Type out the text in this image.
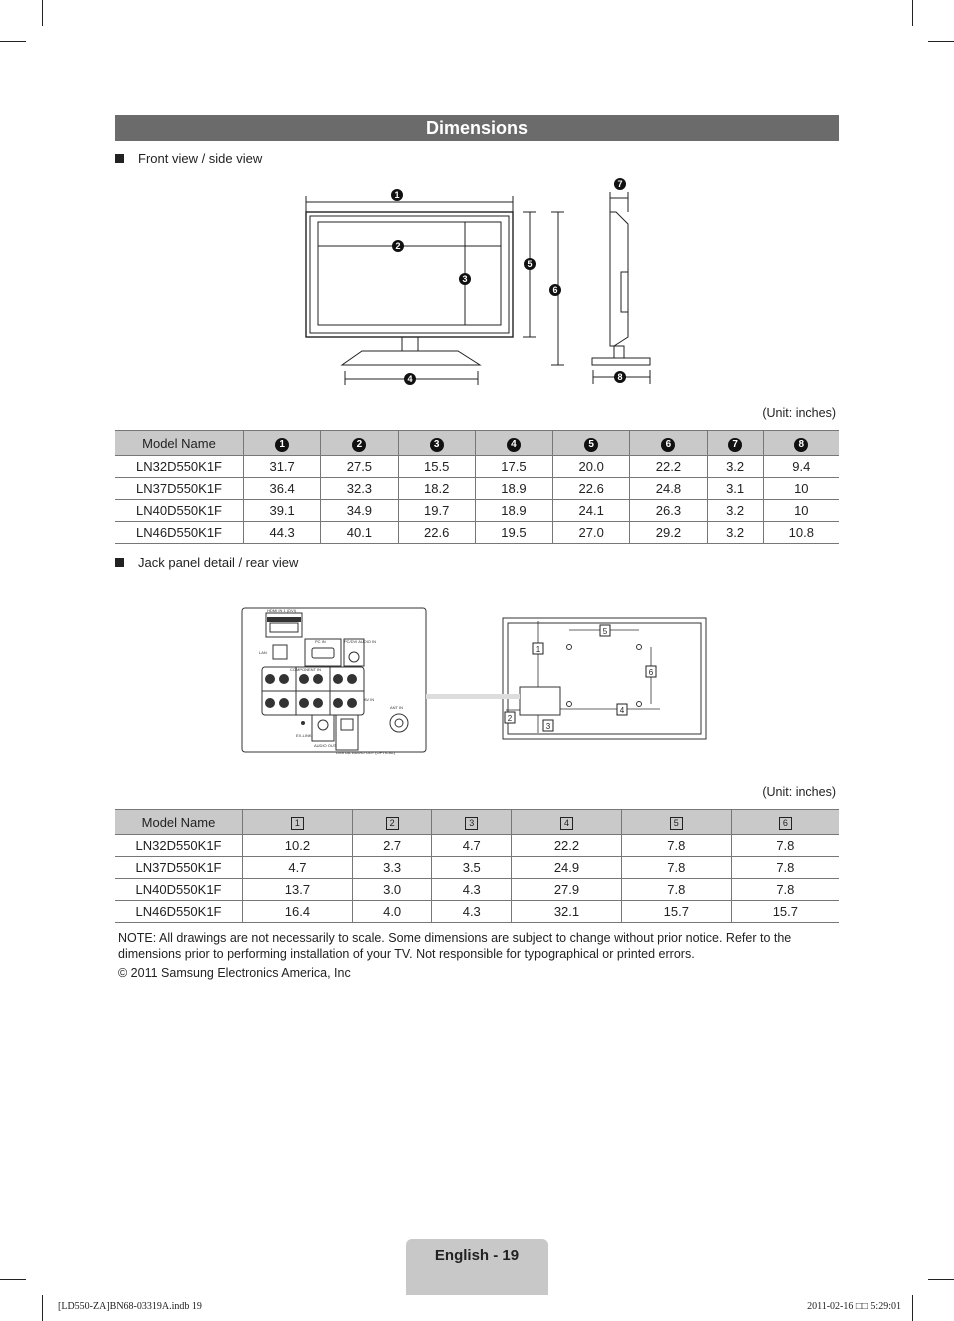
Dimensions
Front view / side view
1
2
3
4
5
6
7
8
(Unit: inches)
Model Name	1	2	3	4	5	6	7	8
LN32D550K1F	31.7	27.5	15.5	17.5	20.0	22.2	3.2	9.4
LN37D550K1F	36.4	32.3	18.2	18.9	22.6	24.8	3.1	10
LN40D550K1F	39.1	34.9	19.7	18.9	24.1	26.3	3.2	10
LN46D550K1F	44.3	40.1	22.6	19.5	27.0	29.2	3.2	10.8
Jack panel detail / rear view
HDMI IN 1 (DVI)
LAN
PC IN	PC/DVI AUDIO IN
COMPONENT IN
AV IN
AUDIO OUT
DIGITAL AUDIO OUT (OPTICAL)
EX-LINK
ANT IN
1
2
3
4
5
6
(Unit: inches)
Model Name	1	2	3	4	5	6
LN32D550K1F	10.2	2.7	4.7	22.2	7.8	7.8
LN37D550K1F	4.7	3.3	3.5	24.9	7.8	7.8
LN40D550K1F	13.7	3.0	4.3	27.9	7.8	7.8
LN46D550K1F	16.4	4.0	4.3	32.1	15.7	15.7
NOTE: All drawings are not necessarily to scale. Some dimensions are subject to change without prior notice. Refer to the dimensions prior to performing installation of your TV. Not responsible for typographical or printed errors.
© 2011 Samsung Electronics America, Inc
English - 19
[LD550-ZA]BN68-03319A.indb 19	2011-02-16 □□ 5:29:01
